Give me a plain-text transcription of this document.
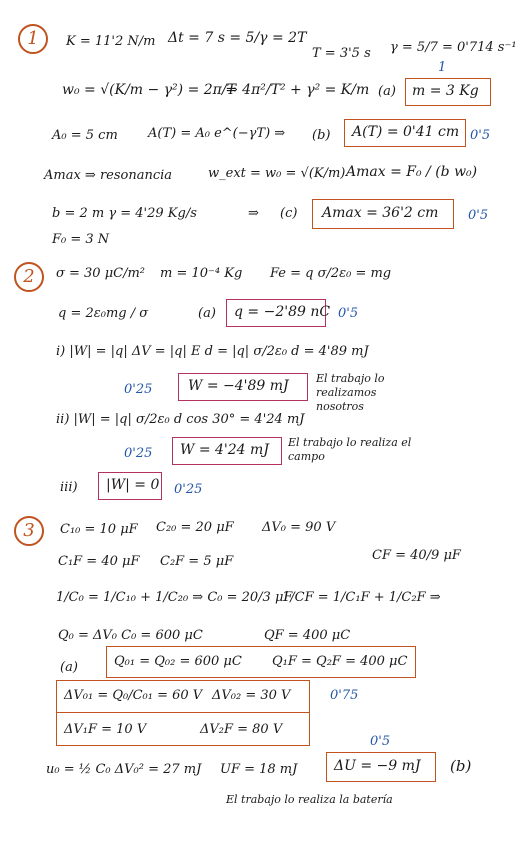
1	K = 11'2 N/m Δt = 7 s = 5/γ = 2T
T = 3'5 s γ = 5/7 = 0'714 s⁻¹
w₀ = √(K/m − γ²) = 2π/T
⇒ 4π²/T² + γ² = K/m (a) m = 3 Kg
1
A₀ = 5 cm A(T) = A₀ e^(−γT) ⇒ (b) A(T) = 0'41 cm 0'5
Amax ⇒ resonancia	w_ext = w₀ = √(K/m) Amax = F₀ / (b w₀)
b = 2 m γ = 4'29 Kg/s	⇒ (c) Amax = 36'2 cm 0'5
F₀ = 3 N
2	σ = 30 μC/m² m = 10⁻⁴ Kg Fe = q σ/2ε₀ = mg
q = 2ε₀mg / σ	(a) q = −2'89 nC 0'5
i) |W| = |q| ΔV = |q| E d = |q| σ/2ε₀ d = 4'89 mJ
0'25	W = −4'89 mJ El trabajo lo realizamos nosotros
ii) |W| = |q| σ/2ε₀ d cos 30° = 4'24 mJ
0'25 W = 4'24 mJ El trabajo lo realiza el campo
iii) |W| = 0 0'25
3	C₁₀ = 10 μF C₂₀ = 20 μF ΔV₀ = 90 V
C₁F = 40 μF C₂F = 5 μF	CF = 40/9 μF
1/C₀ = 1/C₁₀ + 1/C₂₀ ⇒ C₀ = 20/3 μF
1/CF = 1/C₁F + 1/C₂F ⇒
Q₀ = ΔV₀ C₀ = 600 μC	QF = 400 μC
(a)	Q₀₁ = Q₀₂ = 600 μC Q₁F = Q₂F = 400 μC
ΔV₀₁ = Q₀/C₀₁ = 60 V ΔV₀₂ = 30 V
ΔV₁F = 10 V	ΔV₂F = 80 V
0'75
0'5
u₀ = ½ C₀ ΔV₀² = 27 mJ UF = 18 mJ	ΔU = −9 mJ (b)
El trabajo lo realiza la batería
